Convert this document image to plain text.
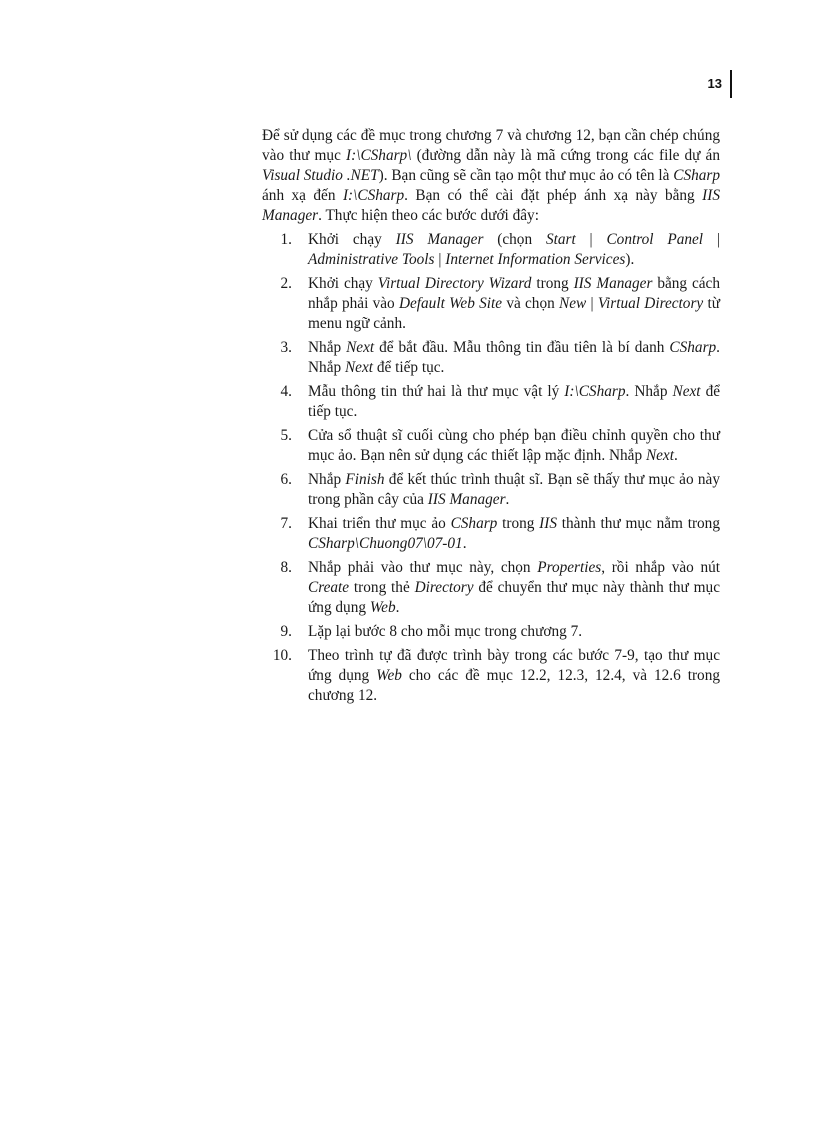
13

Để sử dụng các đề mục trong chương 7 và chương 12, bạn cần chép chúng vào thư mục I:\CSharp\ (đường dẫn này là mã cứng trong các file dự án Visual Studio .NET). Bạn cũng sẽ cần tạo một thư mục ảo có tên là CSharp ánh xạ đến I:\CSharp. Bạn có thể cài đặt phép ánh xạ này bằng IIS Manager. Thực hiện theo các bước dưới đây:

1. Khởi chạy IIS Manager (chọn Start | Control Panel | Administrative Tools | Internet Information Services).
2. Khởi chạy Virtual Directory Wizard trong IIS Manager bằng cách nhắp phải vào Default Web Site và chọn New | Virtual Directory từ menu ngữ cảnh.
3. Nhắp Next để bắt đầu. Mẫu thông tin đầu tiên là bí danh CSharp. Nhắp Next để tiếp tục.
4. Mẫu thông tin thứ hai là thư mục vật lý I:\CSharp. Nhắp Next để tiếp tục.
5. Cửa sổ thuật sĩ cuối cùng cho phép bạn điều chỉnh quyền cho thư mục ảo. Bạn nên sử dụng các thiết lập mặc định. Nhắp Next.
6. Nhắp Finish để kết thúc trình thuật sĩ. Bạn sẽ thấy thư mục ảo này trong phần cây của IIS Manager.
7. Khai triển thư mục ảo CSharp trong IIS thành thư mục nằm trong CSharp\Chuong07\07-01.
8. Nhắp phải vào thư mục này, chọn Properties, rồi nhắp vào nút Create trong thẻ Directory để chuyển thư mục này thành thư mục ứng dụng Web.
9. Lặp lại bước 8 cho mỗi mục trong chương 7.
10. Theo trình tự đã được trình bày trong các bước 7-9, tạo thư mục ứng dụng Web cho các đề mục 12.2, 12.3, 12.4, và 12.6 trong chương 12.
